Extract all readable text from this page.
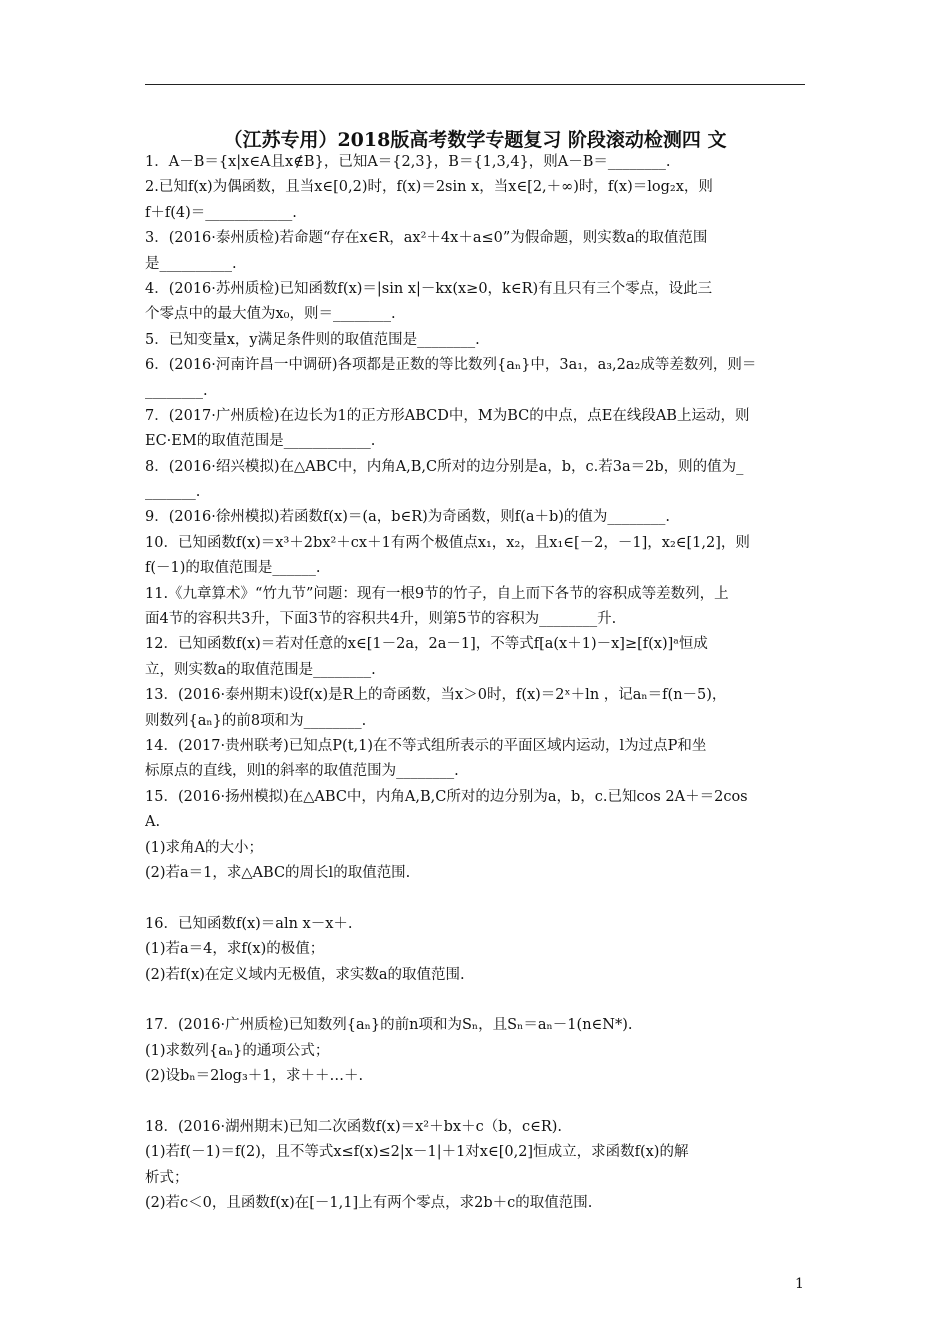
（江苏专用）2018版高考数学专题复习 阶段滚动检测四 文
1．A－B＝{x|x∈A且x∉B}，已知A＝{2,3}，B＝{1,3,4}，则A－B＝________.
2.已知f(x)为偶函数，且当x∈[0,2)时，f(x)＝2sin x，当x∈[2,＋∞)时，f(x)＝log₂x，则
f＋f(4)＝____________.
3．(2016·泰州质检)若命题“存在x∈R，ax²＋4x＋a≤0”为假命题，则实数a的取值范围
是__________.
4．(2016·苏州质检)已知函数f(x)＝|sin x|－kx(x≥0，k∈R)有且只有三个零点，设此三
个零点中的最大值为x₀，则＝________.
5．已知变量x，y满足条件则的取值范围是________.
6．(2016·河南许昌一中调研)各项都是正数的等比数列{aₙ}中，3a₁，a₃,2a₂成等差数列，则＝
________.
7．(2017·广州质检)在边长为1的正方形ABCD中，M为BC的中点，点E在线段AB上运动，则
EC·EM的取值范围是____________.
8．(2016·绍兴模拟)在△ABC中，内角A,B,C所对的边分别是a，b，c.若3a＝2b，则的值为_
_______.
9．(2016·徐州模拟)若函数f(x)＝(a，b∈R)为奇函数，则f(a＋b)的值为________.
10．已知函数f(x)＝x³＋2bx²＋cx＋1有两个极值点x₁，x₂，且x₁∈[－2，－1]，x₂∈[1,2]，则
f(－1)的取值范围是______.
11.《九章算术》“竹九节”问题：现有一根9节的竹子，自上而下各节的容积成等差数列，上
面4节的容积共3升，下面3节的容积共4升，则第5节的容积为________升.
12．已知函数f(x)＝若对任意的x∈[1－2a，2a－1]，不等式f[a(x＋1)－x]≥[f(x)]ᵃ恒成
立，则实数a的取值范围是________.
13．(2016·泰州期末)设f(x)是R上的奇函数，当x＞0时，f(x)＝2ˣ＋ln ，记aₙ＝f(n－5)，
则数列{aₙ}的前8项和为________.
14．(2017·贵州联考)已知点P(t,1)在不等式组所表示的平面区域内运动，l为过点P和坐
标原点的直线，则l的斜率的取值范围为________.
15．(2016·扬州模拟)在△ABC中，内角A,B,C所对的边分别为a，b，c.已知cos 2A＋＝2cos
A.
(1)求角A的大小；
(2)若a＝1，求△ABC的周长l的取值范围.
16．已知函数f(x)＝aln x－x＋.
(1)若a＝4，求f(x)的极值；
(2)若f(x)在定义域内无极值，求实数a的取值范围.
17．(2016·广州质检)已知数列{aₙ}的前n项和为Sₙ，且Sₙ＝aₙ－1(n∈N*).
(1)求数列{aₙ}的通项公式；
(2)设bₙ＝2log₃＋1，求＋＋…＋.
18．(2016·湖州期末)已知二次函数f(x)＝x²＋bx＋c（b，c∈R).
(1)若f(－1)＝f(2)，且不等式x≤f(x)≤2|x－1|＋1对x∈[0,2]恒成立，求函数f(x)的解
析式；
(2)若c＜0，且函数f(x)在[－1,1]上有两个零点，求2b＋c的取值范围.
1
